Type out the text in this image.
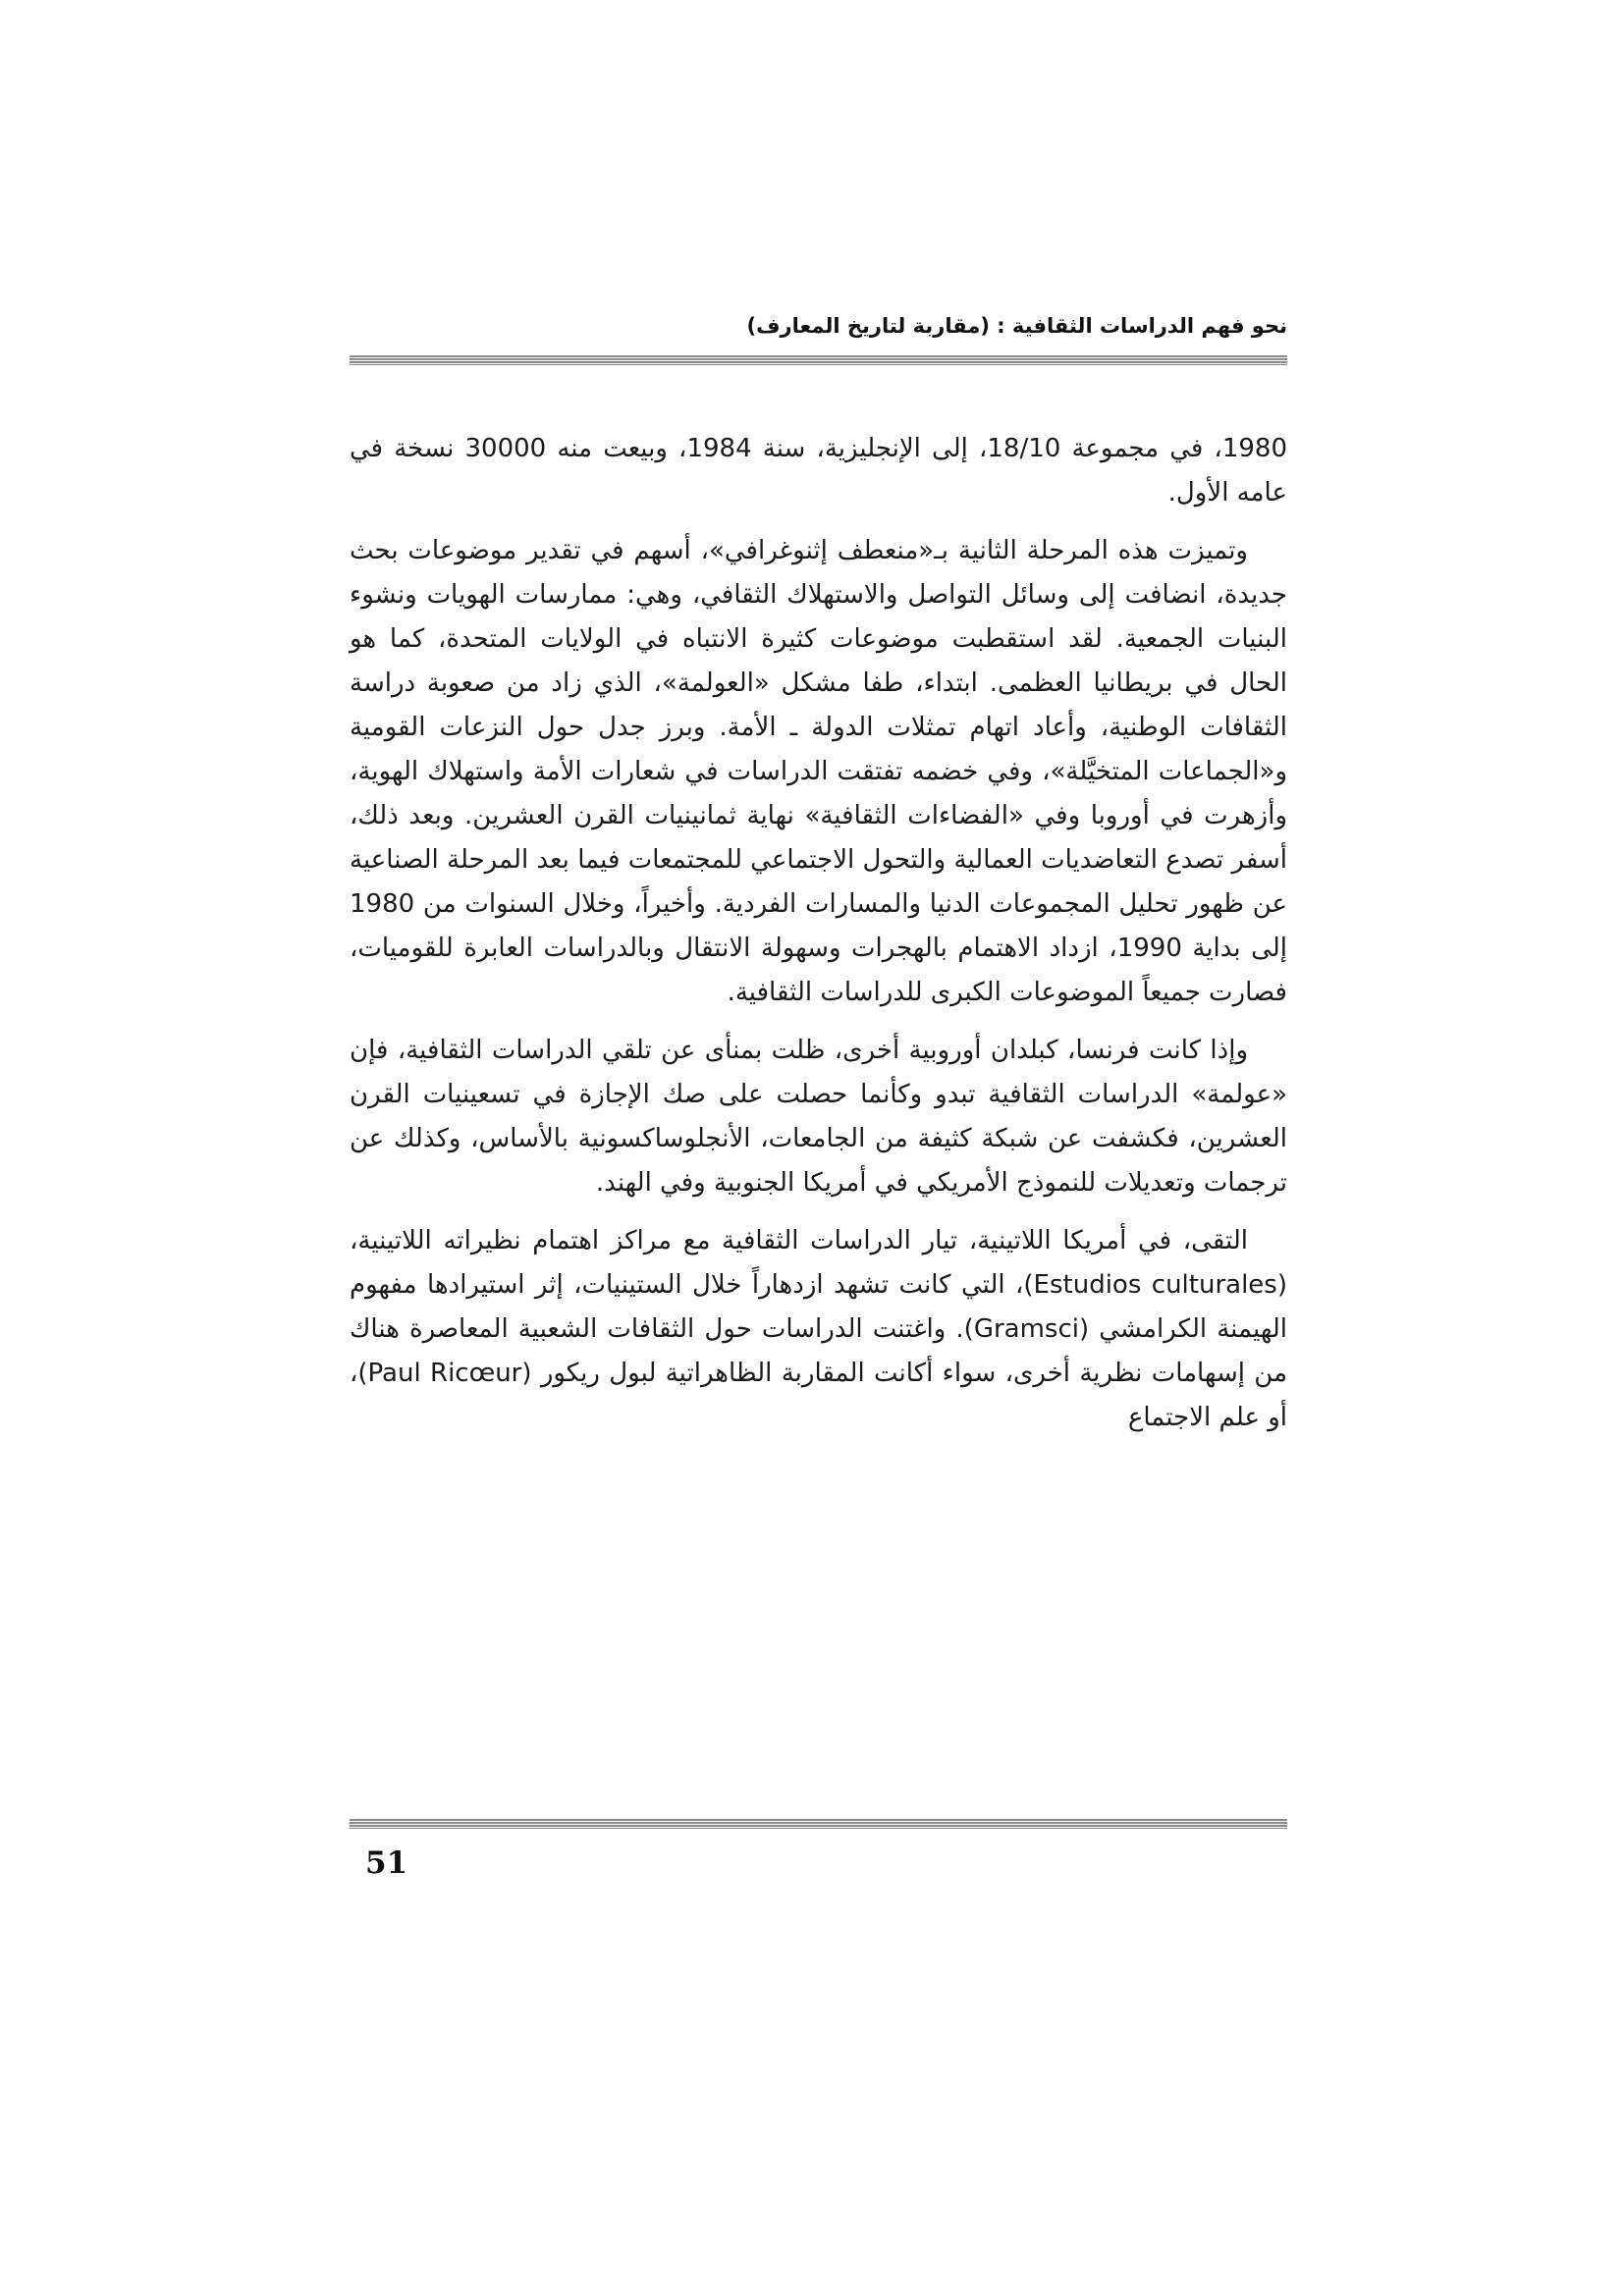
نحو فهم الدراسات الثقافية : (مقاربة لتاريخ المعارف)

1980، في مجموعة 18/10، إلى الإنجليزية، سنة 1984، وبيعت منه 30000 نسخة في عامه الأول.

وتميزت هذه المرحلة الثانية بـ«منعطف إثنوغرافي»، أسهم في تقدير موضوعات بحث جديدة، انضافت إلى وسائل التواصل والاستهلاك الثقافي، وهي: ممارسات الهويات ونشوء البنيات الجمعية. لقد استقطبت موضوعات كثيرة الانتباه في الولايات المتحدة، كما هو الحال في بريطانيا العظمى. ابتداء، طفا مشكل «العولمة»، الذي زاد من صعوبة دراسة الثقافات الوطنية، وأعاد اتهام تمثلات الدولة ـ الأمة. وبرز جدل حول النزعات القومية و«الجماعات المتخيَّلة»، وفي خضمه تفتقت الدراسات في شعارات الأمة واستهلاك الهوية، وأزهرت في أوروبا وفي «الفضاءات الثقافية» نهاية ثمانينيات القرن العشرين. وبعد ذلك، أسفر تصدع التعاضديات العمالية والتحول الاجتماعي للمجتمعات فيما بعد المرحلة الصناعية عن ظهور تحليل المجموعات الدنيا والمسارات الفردية. وأخيراً، وخلال السنوات من 1980 إلى بداية 1990، ازداد الاهتمام بالهجرات وسهولة الانتقال وبالدراسات العابرة للقوميات، فصارت جميعاً الموضوعات الكبرى للدراسات الثقافية.

وإذا كانت فرنسا، كبلدان أوروبية أخرى، ظلت بمنأى عن تلقي الدراسات الثقافية، فإن «عولمة» الدراسات الثقافية تبدو وكأنما حصلت على صك الإجازة في تسعينيات القرن العشرين، فكشفت عن شبكة كثيفة من الجامعات، الأنجلوساكسونية بالأساس، وكذلك عن ترجمات وتعديلات للنموذج الأمريكي في أمريكا الجنوبية وفي الهند.

التقى، في أمريكا اللاتينية، تيار الدراسات الثقافية مع مراكز اهتمام نظيراته اللاتينية، (Estudios culturales)، التي كانت تشهد ازدهاراً خلال الستينيات، إثر استيرادها مفهوم الهيمنة الكرامشي (Gramsci). واغتنت الدراسات حول الثقافات الشعبية المعاصرة هناك من إسهامات نظرية أخرى، سواء أكانت المقاربة الظاهراتية لبول ريكور (Paul Ricœur)، أو علم الاجتماع

51
